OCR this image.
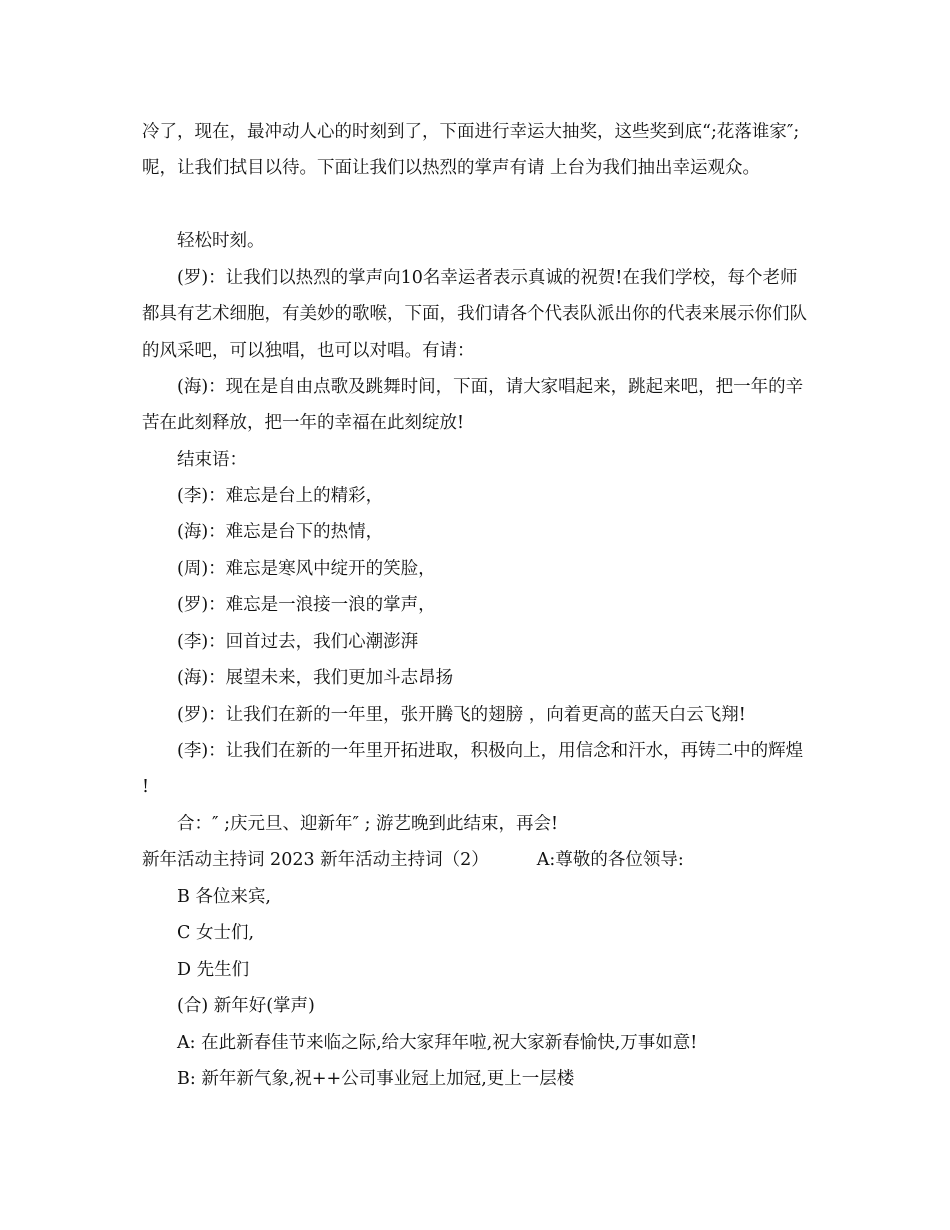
冷了，现在，最冲动人心的时刻到了，下面进行幸运大抽奖，这些奖到底“;花落谁家″;呢，让我们拭目以待。下面让我们以热烈的掌声有请 上台为我们抽出幸运观众。

轻松时刻。

(罗)：让我们以热烈的掌声向10名幸运者表示真诚的祝贺!在我们学校，每个老师都具有艺术细胞，有美妙的歌喉，下面，我们请各个代表队派出你的代表来展示你们队的风采吧，可以独唱，也可以对唱。有请：

(海)：现在是自由点歌及跳舞时间，下面，请大家唱起来，跳起来吧，把一年的辛苦在此刻释放，把一年的幸福在此刻绽放!

结束语：

(李)：难忘是台上的精彩，

(海)：难忘是台下的热情，

(周)：难忘是寒风中绽开的笑脸，

(罗)：难忘是一浪接一浪的掌声，

(李)：回首过去，我们心潮澎湃

(海)：展望未来，我们更加斗志昂扬

(罗)：让我们在新的一年里，张开腾飞的翅膀 ，向着更高的蓝天白云飞翔!

(李)：让我们在新的一年里开拓进取，积极向上，用信念和汗水，再铸二中的辉煌 !

合：″ ;庆元旦、迎新年″ ; 游艺晚到此结束，再会!

新年活动主持词 2023 新年活动主持词（2）	A:尊敬的各位领导:

B 各位来宾,

C 女士们,

D 先生们

(合) 新年好(掌声)

A: 在此新春佳节来临之际,给大家拜年啦,祝大家新春愉快,万事如意!

B: 新年新气象,祝++公司事业冠上加冠,更上一层楼
